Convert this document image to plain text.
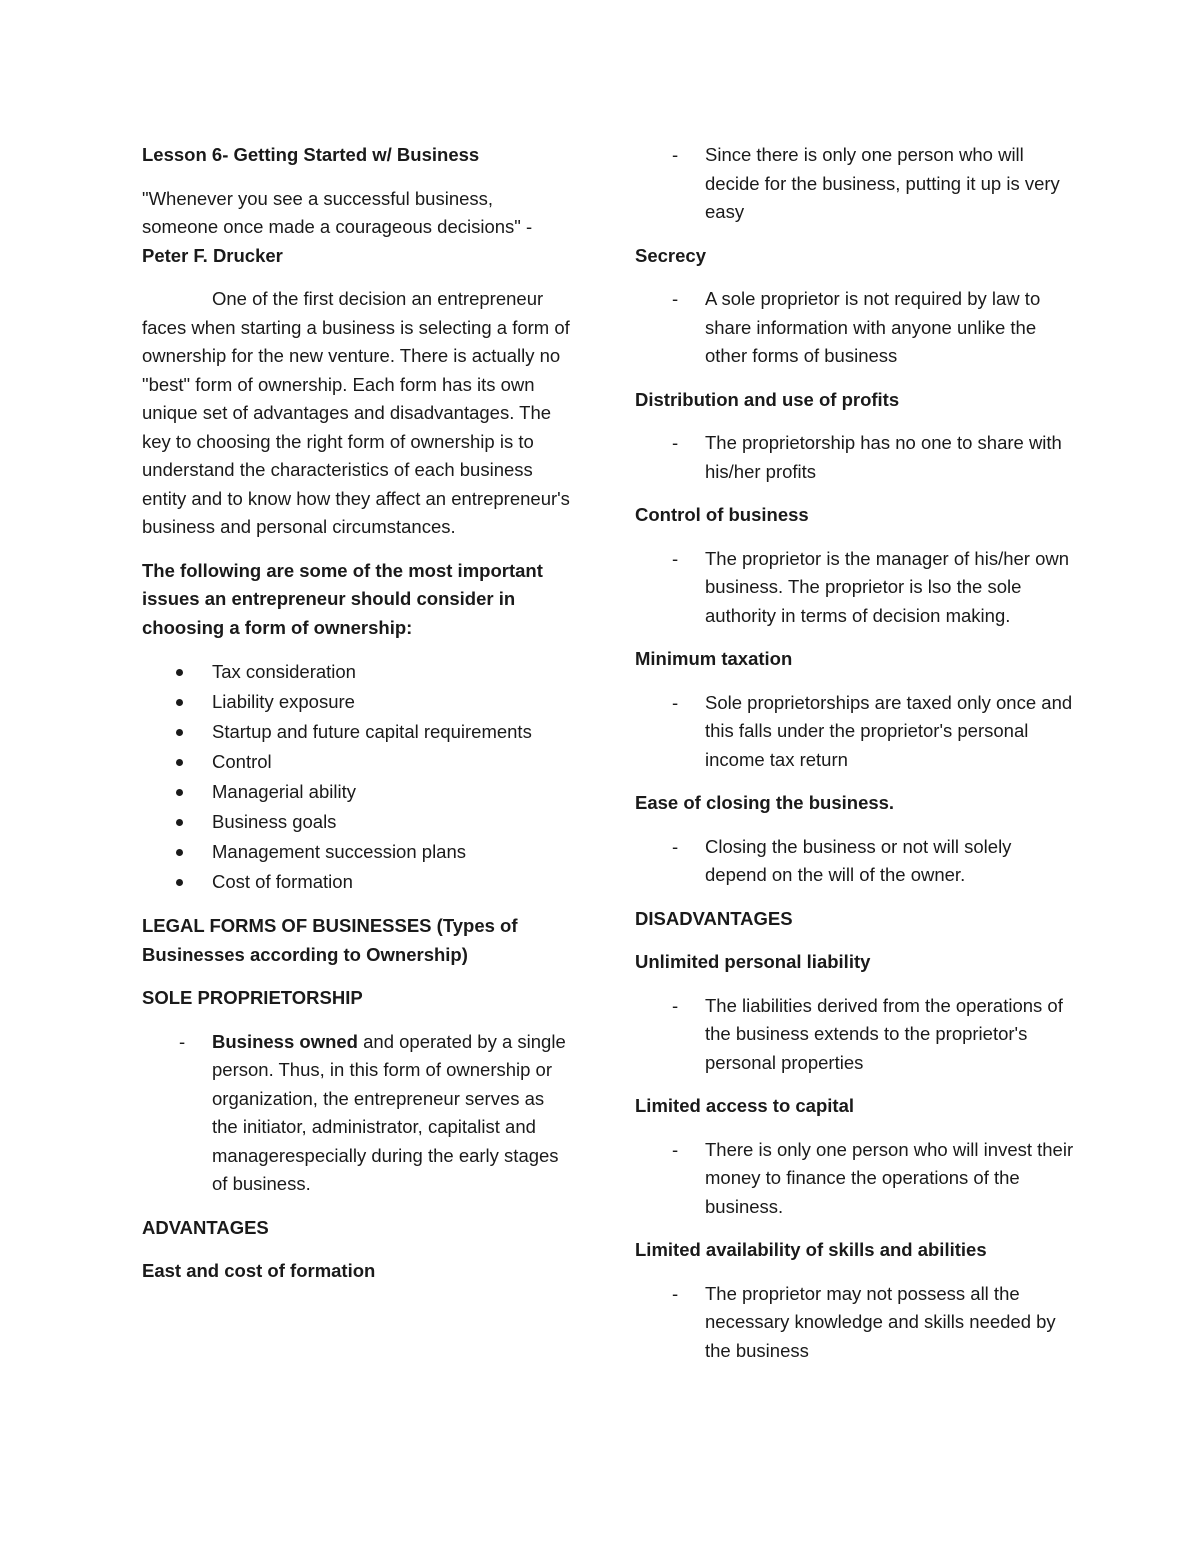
Lesson 6- Getting Started w/ Business

"Whenever you see a successful business, someone once made a courageous decisions" -
Peter F. Drucker

One of the first decision an entrepreneur faces when starting a business is selecting a form of ownership for the new venture. There is actually no "best" form of ownership. Each form has its own unique set of advantages and disadvantages. The key to choosing the right form of ownership is to understand the characteristics of each business entity and to know how they affect an entrepreneur's business and personal circumstances.

The following are some of the most important issues an entrepreneur should consider in choosing a form of ownership:

Tax consideration
Liability exposure
Startup and future capital requirements
Control
Managerial ability
Business goals
Management succession plans
Cost of formation

LEGAL FORMS OF BUSINESSES (Types of Businesses according to Ownership)

SOLE PROPRIETORSHIP

- Business owned and operated by a single person. Thus, in this form of ownership or organization, the entrepreneur serves as the initiator, administrator, capitalist and managerespecially during the early stages of business.

ADVANTAGES

East and cost of formation

- Since there is only one person who will decide for the business, putting it up is very easy

Secrecy

- A sole proprietor is not required by law to share information with anyone unlike the other forms of business

Distribution and use of profits

- The proprietorship has no one to share with his/her profits

Control of business

- The proprietor is the manager of his/her own business. The proprietor is lso the sole authority in terms of decision making.

Minimum taxation

- Sole proprietorships are taxed only once and this falls under the proprietor's personal income tax return

Ease of closing the business.

- Closing the business or not will solely depend on the will of the owner.

DISADVANTAGES

Unlimited personal liability

- The liabilities derived from the operations of the business extends to the proprietor's personal properties

Limited access to capital

- There is only one person who will invest their money to finance the operations of the business.

Limited availability of skills and abilities

- The proprietor may not possess all the necessary knowledge and skills needed by the business
